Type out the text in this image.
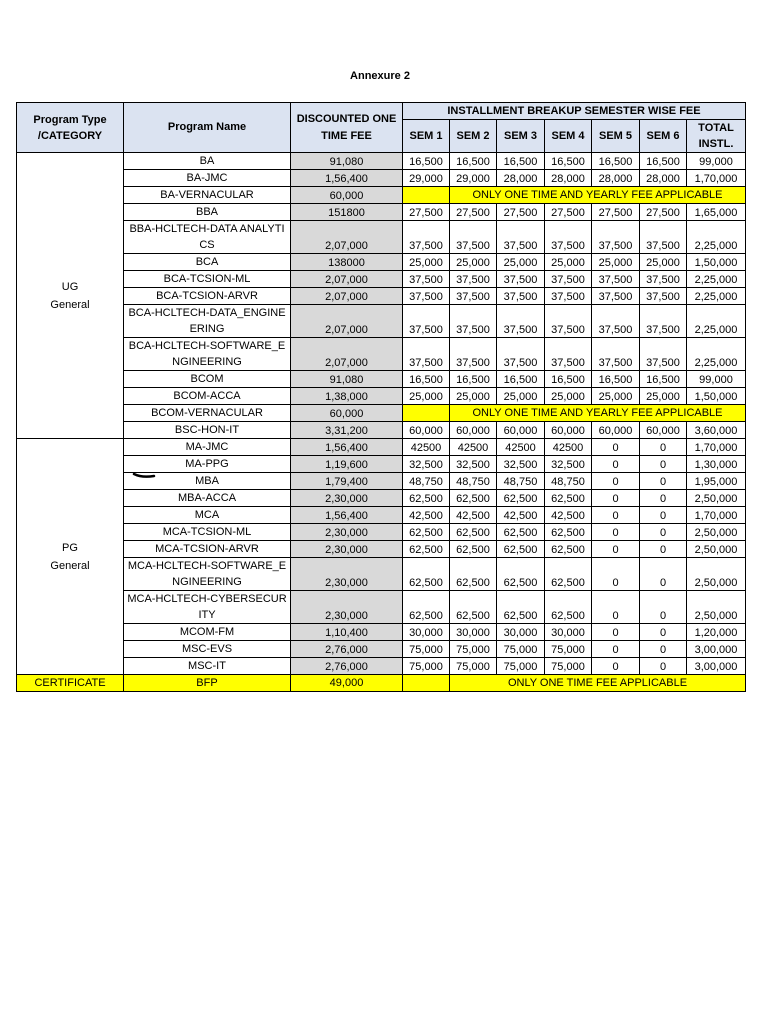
Annexure 2
Program Type /CATEGORY	Program Name	DISCOUNTED ONE TIME FEE	INSTALLMENT BREAKUP SEMESTER WISE FEE						
			SEM 1	SEM 2	SEM 3	SEM 4	SEM 5	SEM 6	TOTAL INSTL.
UG General	BA	91,080	16,500	16,500	16,500	16,500	16,500	16,500	99,000
	BA-JMC	1,56,400	29,000	29,000	28,000	28,000	28,000	28,000	1,70,000
	BA-VERNACULAR	60,000		ONLY ONE TIME AND YEARLY FEE APPLICABLE					
	BBA	151800	27,500	27,500	27,500	27,500	27,500	27,500	1,65,000
	BBA-HCLTECH-DATA ANALYTICS	2,07,000	37,500	37,500	37,500	37,500	37,500	37,500	2,25,000
	BCA	138000	25,000	25,000	25,000	25,000	25,000	25,000	1,50,000
	BCA-TCSION-ML	2,07,000	37,500	37,500	37,500	37,500	37,500	37,500	2,25,000
	BCA-TCSION-ARVR	2,07,000	37,500	37,500	37,500	37,500	37,500	37,500	2,25,000
	BCA-HCLTECH-DATA_ENGINEERING	2,07,000	37,500	37,500	37,500	37,500	37,500	37,500	2,25,000
	BCA-HCLTECH-SOFTWARE_ENGINEERING	2,07,000	37,500	37,500	37,500	37,500	37,500	37,500	2,25,000
	BCOM	91,080	16,500	16,500	16,500	16,500	16,500	16,500	99,000
	BCOM-ACCA	1,38,000	25,000	25,000	25,000	25,000	25,000	25,000	1,50,000
	BCOM-VERNACULAR	60,000		ONLY ONE TIME AND YEARLY FEE APPLICABLE					
	BSC-HON-IT	3,31,200	60,000	60,000	60,000	60,000	60,000	60,000	3,60,000
PG General	MA-JMC	1,56,400	42500	42500	42500	42500	0	0	1,70,000
	MA-PPG	1,19,600	32,500	32,500	32,500	32,500	0	0	1,30,000
	MBA	1,79,400	48,750	48,750	48,750	48,750	0	0	1,95,000
	MBA-ACCA	2,30,000	62,500	62,500	62,500	62,500	0	0	2,50,000
	MCA	1,56,400	42,500	42,500	42,500	42,500	0	0	1,70,000
	MCA-TCSION-ML	2,30,000	62,500	62,500	62,500	62,500	0	0	2,50,000
	MCA-TCSION-ARVR	2,30,000	62,500	62,500	62,500	62,500	0	0	2,50,000
	MCA-HCLTECH-SOFTWARE_ENGINEERING	2,30,000	62,500	62,500	62,500	62,500	0	0	2,50,000
	MCA-HCLTECH-CYBERSECURITY	2,30,000	62,500	62,500	62,500	62,500	0	0	2,50,000
	MCOM-FM	1,10,400	30,000	30,000	30,000	30,000	0	0	1,20,000
	MSC-EVS	2,76,000	75,000	75,000	75,000	75,000	0	0	3,00,000
	MSC-IT	2,76,000	75,000	75,000	75,000	75,000	0	0	3,00,000
CERTIFICATE	BFP	49,000		ONLY ONE TIME FEE APPLICABLE					
